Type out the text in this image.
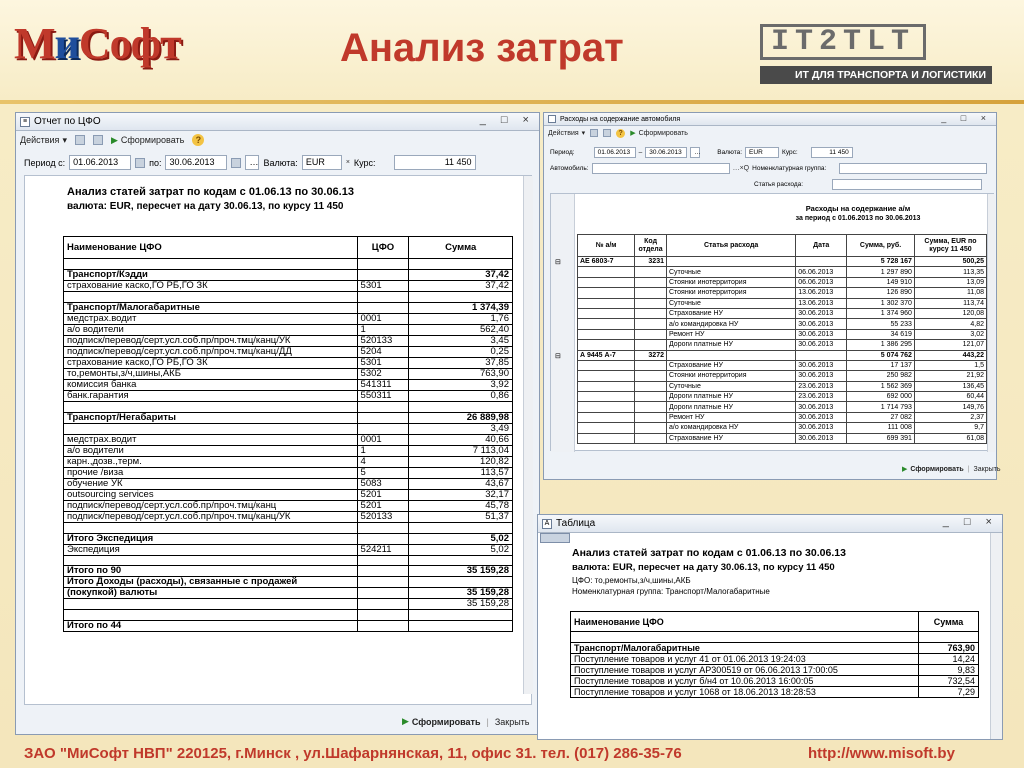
МиСофт	Анализ затрат	IT2TLT
ИТ ДЛЯ ТРАНСПОРТА И ЛОГИСТИКИ
≡ Отчет по ЦФО	_ □ ×
Действия ▾	▶ Сформировать	?
Период с: 01.06.2013	по: 30.06.2013	… Валюта: EUR	× Курс:	11 450
Анализ статей затрат по кодам с 01.06.13 по 30.06.13
валюта: EUR, пересчет на дату 30.06.13, по курсу 11 450
Наименование ЦФО	ЦФО	Сумма

Транспорт/Кэдди		37,42
страхование каско,ГО РБ,ГО ЗК	5301	37,42

Транспорт/Малогабаритные		1 374,39
медстрах.водит	0001	1,76
а/о водители	1	562,40
подписк/перевод/серт.усл.соб.пр/проч.тмц/канц/УК	520133	3,45
подписк/перевод/серт.усл.соб.пр/проч.тмц/канц/ДД	5204	0,25
страхование каско,ГО РБ,ГО ЗК	5301	37,85
то,ремонты,з/ч,шины,АКБ	5302	763,90
комиссия банка	541311	3,92
банк.гарантия	550311	0,86

Транспорт/Негабариты		26 889,98
		3,49
медстрах.водит	0001	40,66
а/о водители	1	7 113,04
карн.,дозв.,терм.	4	120,82
прочие /виза	5	113,57
обучение УК	5083	43,67
outsourcing services	5201	32,17
подписк/перевод/серт.усл.соб.пр/проч.тмц/канц	5201	45,78
подписк/перевод/серт.усл.соб.пр/проч.тмц/канц/УК	520133	51,37

Итого Экспедиция		5,02
Экспедиция	524211	5,02

Итого по 90		35 159,28
Итого Доходы (расходы), связанные с продажей		
(покупкой) валюты		35 159,28
		35 159,28

Итого по 44		
▶ Сформировать | Закрыть
Расходы на содержание автомобиля	_ □ ×
Действия ▾	?	▶ Сформировать
Период:	01.06.2013	–	30.06.2013	…	Валюта:	EUR	Курс:	11 450
Автомобиль:	…×Q Номенклатурная группа:
Статья расхода:
⊟
⊟
Расходы на содержание а/м
за период с 01.06.2013 по 30.06.2013
№ а/м	Код отдела	Статья расхода	Дата	Сумма, руб.	Сумма, EUR по курсу 11 450
АЕ 6803-7	3231			5 728 167	500,25
		Суточные	06.06.2013	1 297 890	113,35
		Стоянки инотерритория	06.06.2013	149 910	13,09
		Стоянки инотерритория	13.06.2013	126 890	11,08
		Суточные	13.06.2013	1 302 370	113,74
		Страхование НУ	30.06.2013	1 374 960	120,08
		а/о командировка НУ	30.06.2013	55 233	4,82
		Ремонт НУ	30.06.2013	34 619	3,02
		Дороги платные НУ	30.06.2013	1 386 295	121,07
А 9445 А-7	3272			5 074 762	443,22
		Страхование НУ	30.06.2013	17 137	1,5
		Стоянки инотерритория	30.06.2013	250 982	21,92
		Суточные	23.06.2013	1 562 369	136,45
		Дороги платные НУ	23.06.2013	692 000	60,44
		Дороги платные НУ	30.06.2013	1 714 793	149,76
		Ремонт НУ	30.06.2013	27 082	2,37
		а/о командировка НУ	30.06.2013	111 008	9,7
		Страхование НУ	30.06.2013	699 391	61,08
▶ Сформировать | Закрыть
A Таблица	_ □ ×
Анализ статей затрат по кодам с 01.06.13 по 30.06.13
валюта: EUR, пересчет на дату 30.06.13, по курсу 11 450
ЦФО: то,ремонты,з/ч,шины,АКБ
Номенклатурная группа: Транспорт/Малогабаритные
Наименование ЦФО	Сумма

Транспорт/Малогабаритные	763,90
Поступление товаров и услуг 41 от 01.06.2013 19:24:03	14,24
Поступление товаров и услуг АР300519 от 06.06.2013 17:00:05	9,83
Поступление товаров и услуг б/н4 от 10.06.2013 16:00:05	732,54
Поступление товаров и услуг 1068 от 18.06.2013 18:28:53	7,29
ЗАО "МиСофт НВП" 220125, г.Минск , ул.Шафарнянская, 11, офис 31. тел. (017) 286-35-76	http://www.misoft.by
